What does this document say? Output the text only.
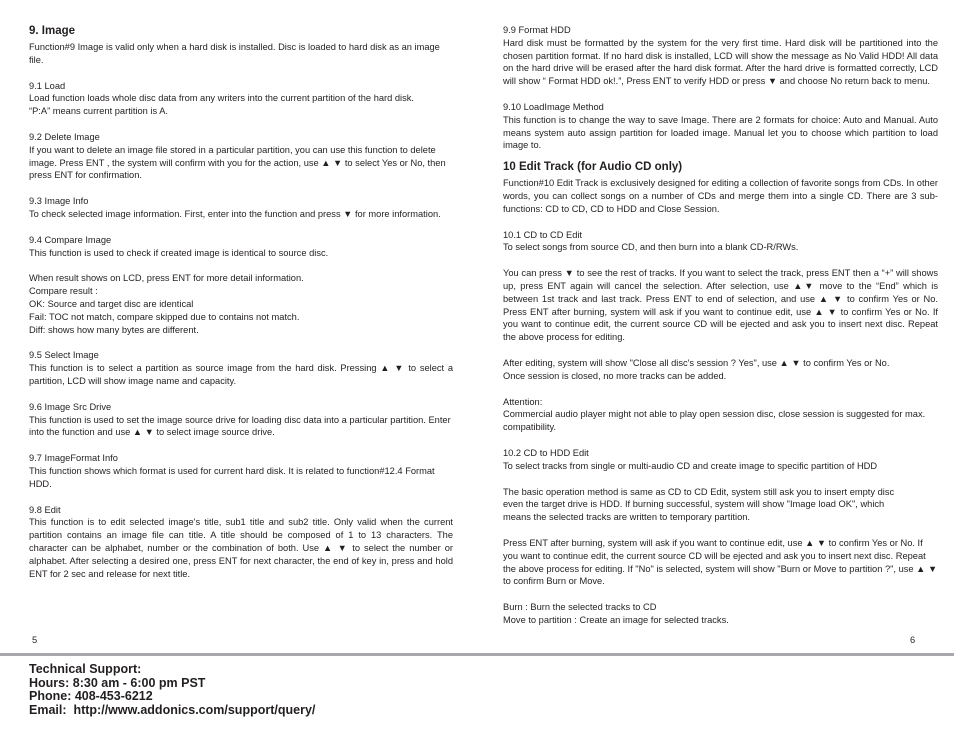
9. Image

Function#9 Image is valid only when a hard disk is installed. Disc is loaded to hard disk as an image file.

9.1 Load

Load function loads whole disc data from any writers into the current partition of the hard disk.

“P:A” means current partition is A.

9.2 Delete Image

If you want to delete an image file stored in a particular partition, you can use this function to delete image. Press ENT , the system will confirm with you for the action, use ▲ ▼ to select Yes or No, then press ENT for confirmation.

9.3 Image Info

To check selected image information. First, enter into the function and press ▼ for more information.

9.4 Compare Image

This function is used to check if created image is identical to source disc.

When result shows on LCD, press ENT for more detail information.

Compare result :

OK: Source and target disc are identical

Fail: TOC not match, compare skipped due to contains not match.

Diff: shows how many bytes are different.

9.5 Select Image

This function is to select a partition as source image from the hard disk. Pressing ▲ ▼ to select a partition, LCD will show image name and capacity.

9.6 Image Src Drive

This function is used to set the image source drive for loading disc data into a particular partition. Enter into the function and use ▲ ▼ to select image source drive.

9.7 ImageFormat Info

This function shows which format is used for current hard disk. It is related to function#12.4 Format HDD.

9.8 Edit

This function is to edit selected image's title, sub1 title and sub2 title. Only valid when the current partition contains an image file can title. A title should be composed of 1 to 13 characters. The character can be alphabet, number or the combination of both. Use ▲ ▼ to select the number or alphabet. After selecting a desired one, press ENT for next character, the end of key in, press and hold ENT for 2 sec and release for next title.

9.9 Format HDD

Hard disk must be formatted by the system for the very first time. Hard disk will be partitioned into the chosen partition format. If no hard disk is installed, LCD will show the message as No Valid HDD! All data on the hard drive will be erased after the hard disk format. After the hard drive is formatted correctly, LCD will show “ Format HDD ok!.”, Press ENT to verify HDD or press ▼ and choose No return back to menu.

9.10 LoadImage Method

This function is to change the way to save Image. There are 2 formats for choice: Auto and Manual. Auto means system auto assign partition for loaded image. Manual let you to choose which partition to load image to.

10 Edit Track (for Audio CD only)

Function#10 Edit Track is exclusively designed for editing a collection of favorite songs from CDs. In other words, you can collect songs on a number of CDs and merge them into a single CD. There are 3 sub-functions: CD to CD, CD to HDD and Close Session.

10.1 CD to CD Edit

To select songs from source CD, and then burn into a blank CD-R/RWs.

You can press ▼ to see the rest of tracks. If you want to select the track, press ENT then a “+” will shows up, press ENT again will cancel the selection. After selection, use ▲▼ move to the “End” which is between 1st track and last track. Press ENT to end of selection, and use ▲ ▼ to confirm Yes or No. Press ENT after burning, system will ask if you want to continue edit, use ▲ ▼ to confirm Yes or No. If you want to continue edit, the current source CD will be ejected and ask you to insert next disc. Repeat the above process for editing.

After editing, system will show "Close all disc's session ? Yes", use ▲ ▼ to confirm Yes or No.

Once session is closed, no more tracks can be added.

Attention:

Commercial audio player might not able to play open session disc, close session is suggested for max. compatibility.

10.2 CD to HDD Edit

To select tracks from single or multi-audio CD and create image to specific partition of HDD

The basic operation method is same as CD to CD Edit, system still ask you to insert empty disc

even the target drive is HDD. If burning successful, system will show "Image load OK", which

means the selected tracks are written to temporary partition.

Press ENT after burning, system will ask if you want to continue edit, use ▲ ▼ to confirm Yes or No. If you want to continue edit, the current source CD will be ejected and ask you to insert next disc. Repeat the above process for editing. If "No" is selected, system will show "Burn or Move to partition ?", use ▲ ▼ to confirm Burn or Move.

Burn : Burn the selected tracks to CD

Move to partition : Create an image for selected tracks.

5	6
Technical Support:
Hours: 8:30 am - 6:00 pm PST
Phone: 408-453-6212
Email:  http://www.addonics.com/support/query/
